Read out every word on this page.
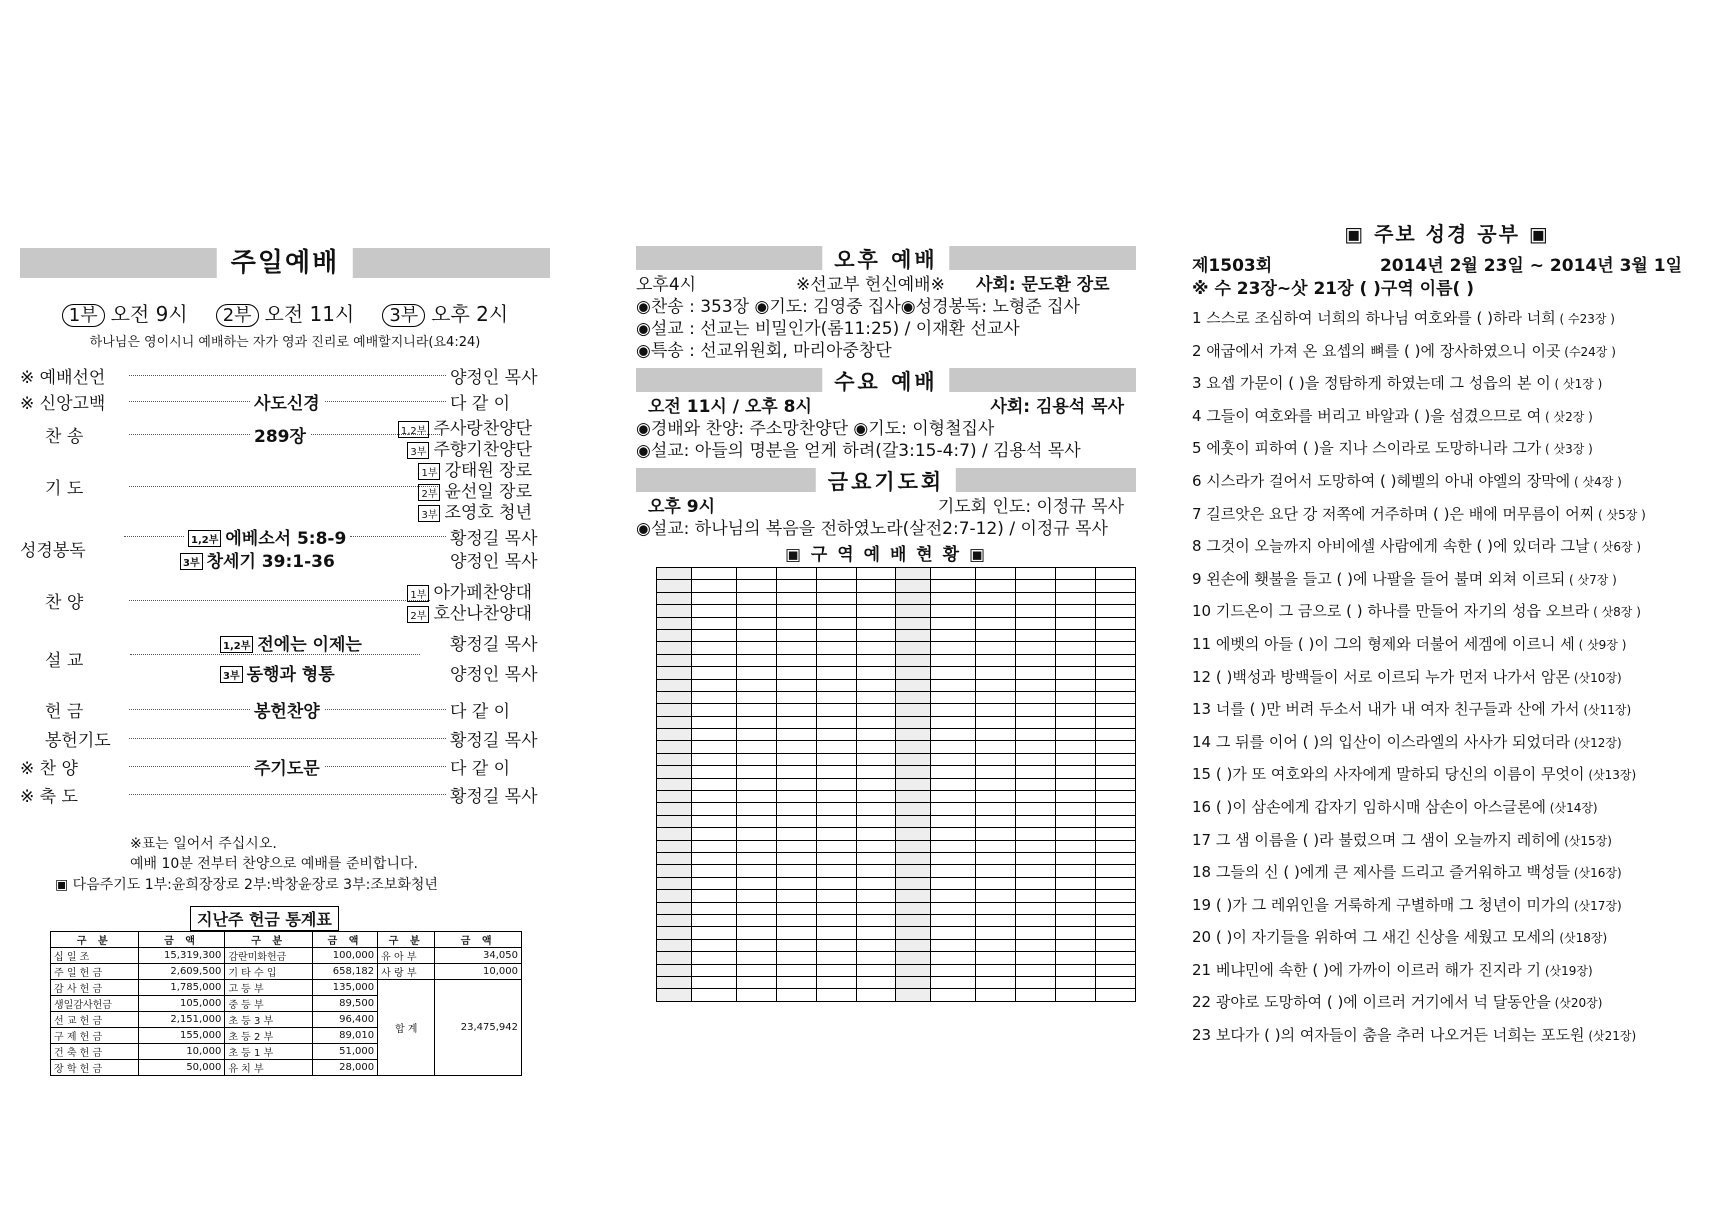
주일예배
1부 오전 9시	2부 오전 11시	3부 오후 2시
하나님은 영이시니 예배하는 자가 영과 진리로 예배할지니라(요4:24)
※ 예배선언	양정인 목사
※ 신앙고백	사도신경	다 같 이
찬 송	289장	1,2부 주사랑찬양단
3부 주향기찬양단
기 도
1부 강태원 장로
2부 윤선일 장로
3부 조영호 청년
성경봉독
1,2부 에베소서 5:8-9	황정길 목사
3부 창세기 39:1-36	양정인 목사
찬 양	1부 아가페찬양대
2부 호산나찬양대
설 교
1,2부 전에는 이제는	황정길 목사
3부 동행과 형통	양정인 목사
헌 금	봉헌찬양	다 같 이
봉헌기도	황정길 목사
※ 찬 양	주기도문	다 같 이
※ 축 도	황정길 목사
※표는 일어서 주십시오.
예배 10분 전부터 찬양으로 예배를 준비합니다.
▣ 다음주기도 1부:윤희장장로 2부:박창윤장로 3부:조보화청년
지난주 헌금 통계표
구 분	금 액	구 분	금 액	구 분	금 액
십 일 조	15,319,300	감란미화헌금	100,000	유 아 부	34,050
주 일 헌 금	2,609,500	기 타 수 입	658,182	사 랑 부	10,000
감 사 헌 금	1,785,000	고 등 부	135,000	합 계	23,475,942
생일감사헌금	105,000	중 등 부	89,500		
선 교 헌 금	2,151,000	초 등 3 부	96,400		
구 제 헌 금	155,000	초 등 2 부	89,010		
건 축 헌 금	10,000	초 등 1 부	51,000		
장 학 헌 금	50,000	유 치 부	28,000		
오후 예배
오후4시	※선교부 헌신예배※	사회: 문도환 장로
◉찬송 : 353장 ◉기도: 김영중 집사◉성경봉독: 노형준 집사
◉설교 : 선교는 비밀인가(롬11:25) / 이재환 선교사
◉특송 : 선교위원회, 마리아중창단
수요 예배
오전 11시 / 오후 8시	사회: 김용석 목사
◉경배와 찬양: 주소망찬양단 ◉기도: 이형철집사
◉설교: 아들의 명분을 얻게 하려(갈3:15-4:7) / 김용석 목사
금요기도회
오후 9시	기도회 인도: 이정규 목사
◉설교: 하나님의 복음을 전하였노라(살전2:7-12) / 이정규 목사
▣ 구 역 예 배 현 황 ▣

▣ 주보 성경 공부 ▣
제1503회	2014년 2월 23일 ~ 2014년 3월 1일
※ 수 23장~삿 21장 ( )구역 이름( )
1 스스로 조심하여 너희의 하나님 여호와를 ( )하라 너희 ( 수23장 )
2 애굽에서 가져 온 요셉의 뼈를 ( )에 장사하였으니 이곳 (수24장 )
3 요셉 가문이 ( )을 정탐하게 하였는데 그 성읍의 본 이 ( 삿1장 )
4 그들이 여호와를 버리고 바알과 ( )을 섬겼으므로 여 ( 삿2장 )
5 에훗이 피하여 ( )을 지나 스이라로 도망하니라 그가 ( 삿3장 )
6 시스라가 걸어서 도망하여 ( )헤벨의 아내 야엘의 장막에 ( 삿4장 )
7 길르앗은 요단 강 저쪽에 거주하며 ( )은 배에 머무름이 어찌 ( 삿5장 )
8 그것이 오늘까지 아비에셀 사람에게 속한 ( )에 있더라 그날 ( 삿6장 )
9 왼손에 횃불을 들고 ( )에 나팔을 들어 불며 외쳐 이르되 ( 삿7장 )
10 기드온이 그 금으로 ( ) 하나를 만들어 자기의 성읍 오브라 ( 삿8장 )
11 에벳의 아들 ( )이 그의 형제와 더불어 세겜에 이르니 세 ( 삿9장 )
12 ( )백성과 방백들이 서로 이르되 누가 먼저 나가서 암몬 (삿10장)
13 너를 ( )만 버려 두소서 내가 내 여자 친구들과 산에 가서 (삿11장)
14 그 뒤를 이어 ( )의 입산이 이스라엘의 사사가 되었더라 (삿12장)
15 ( )가 또 여호와의 사자에게 말하되 당신의 이름이 무엇이 (삿13장)
16 ( )이 삼손에게 갑자기 임하시매 삼손이 아스글론에 (삿14장)
17 그 샘 이름을 ( )라 불렀으며 그 샘이 오늘까지 레히에 (삿15장)
18 그들의 신 ( )에게 큰 제사를 드리고 즐거워하고 백성들 (삿16장)
19 ( )가 그 레위인을 거룩하게 구별하매 그 청년이 미가의 (삿17장)
20 ( )이 자기들을 위하여 그 새긴 신상을 세웠고 모세의 (삿18장)
21 베냐민에 속한 ( )에 가까이 이르러 해가 진지라 기 (삿19장)
22 광야로 도망하여 ( )에 이르러 거기에서 넉 달동안을 (삿20장)
23 보다가 ( )의 여자들이 춤을 추러 나오거든 너희는 포도원 (삿21장)
